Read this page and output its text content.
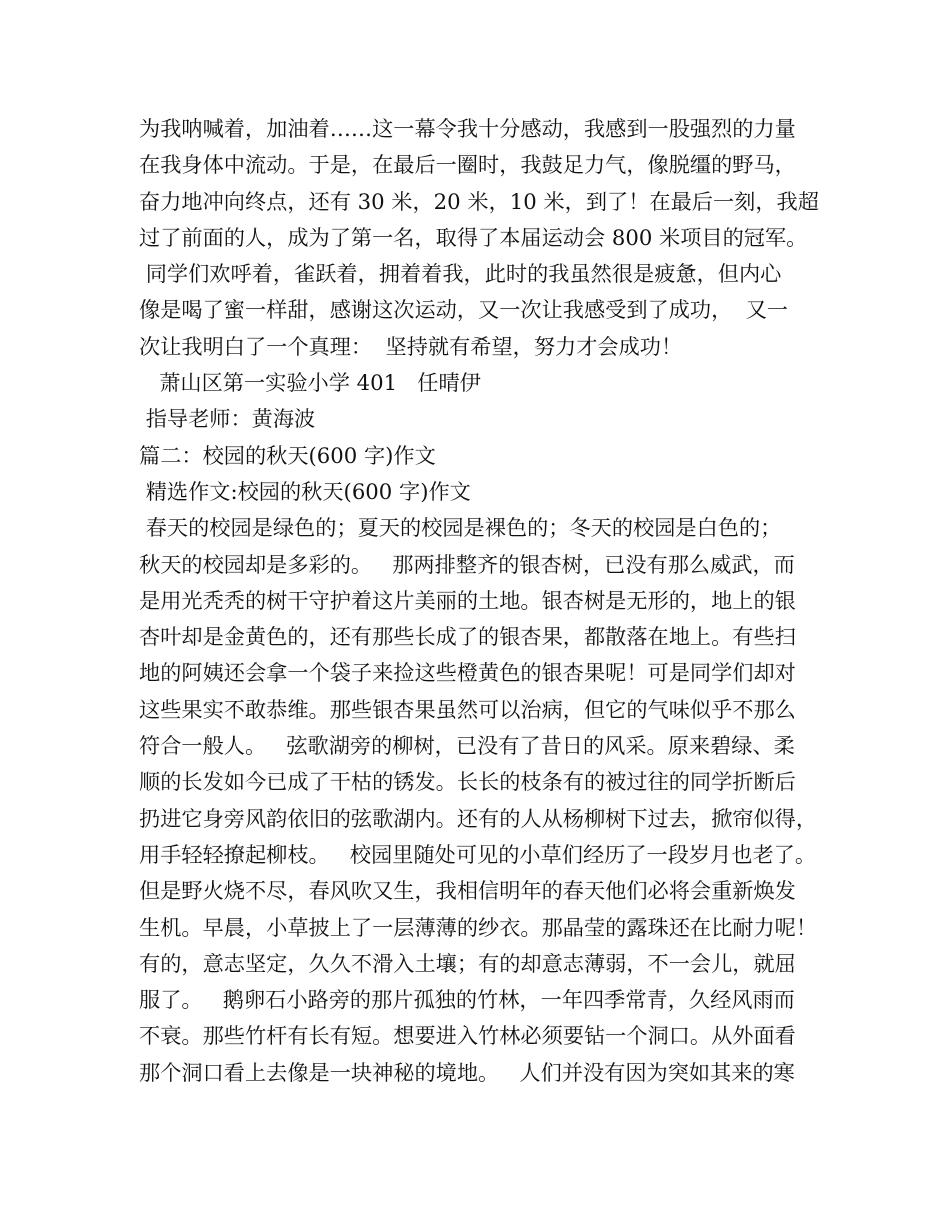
为我呐喊着，加油着……这一幕令我十分感动，我感到一股强烈的力量
在我身体中流动。于是，在最后一圈时，我鼓足力气，像脱缰的野马，
奋力地冲向终点，还有 30 米，20 米，10 米，到了！在最后一刻，我超
过了前面的人，成为了第一名，取得了本届运动会 800 米项目的冠军。
同学们欢呼着，雀跃着，拥着着我，此时的我虽然很是疲惫，但内心
像是喝了蜜一样甜，感谢这次运动，又一次让我感受到了成功，  又一
次让我明白了一个真理：  坚持就有希望，努力才会成功！
萧山区第一实验小学 401   任晴伊
指导老师：黄海波
篇二：校园的秋天(600 字)作文
精选作文:校园的秋天(600 字)作文
春天的校园是绿色的；夏天的校园是裸色的；冬天的校园是白色的；
秋天的校园却是多彩的。   那两排整齐的银杏树，已没有那么威武，而
是用光秃秃的树干守护着这片美丽的土地。银杏树是无形的，地上的银
杏叶却是金黄色的，还有那些长成了的银杏果，都散落在地上。有些扫
地的阿姨还会拿一个袋子来捡这些橙黄色的银杏果呢！可是同学们却对
这些果实不敢恭维。那些银杏果虽然可以治病，但它的气味似乎不那么
符合一般人。   弦歌湖旁的柳树，已没有了昔日的风采。原来碧绿、柔
顺的长发如今已成了干枯的锈发。长长的枝条有的被过往的同学折断后
扔进它身旁风韵依旧的弦歌湖内。还有的人从杨柳树下过去，掀帘似得，
用手轻轻撩起柳枝。   校园里随处可见的小草们经历了一段岁月也老了。
但是野火烧不尽，春风吹又生，我相信明年的春天他们必将会重新焕发
生机。早晨，小草披上了一层薄薄的纱衣。那晶莹的露珠还在比耐力呢！
有的，意志坚定，久久不滑入土壤；有的却意志薄弱，不一会儿，就屈
服了。   鹅卵石小路旁的那片孤独的竹林，一年四季常青，久经风雨而
不衰。那些竹杆有长有短。想要进入竹林必须要钻一个洞口。从外面看
那个洞口看上去像是一块神秘的境地。   人们并没有因为突如其来的寒
